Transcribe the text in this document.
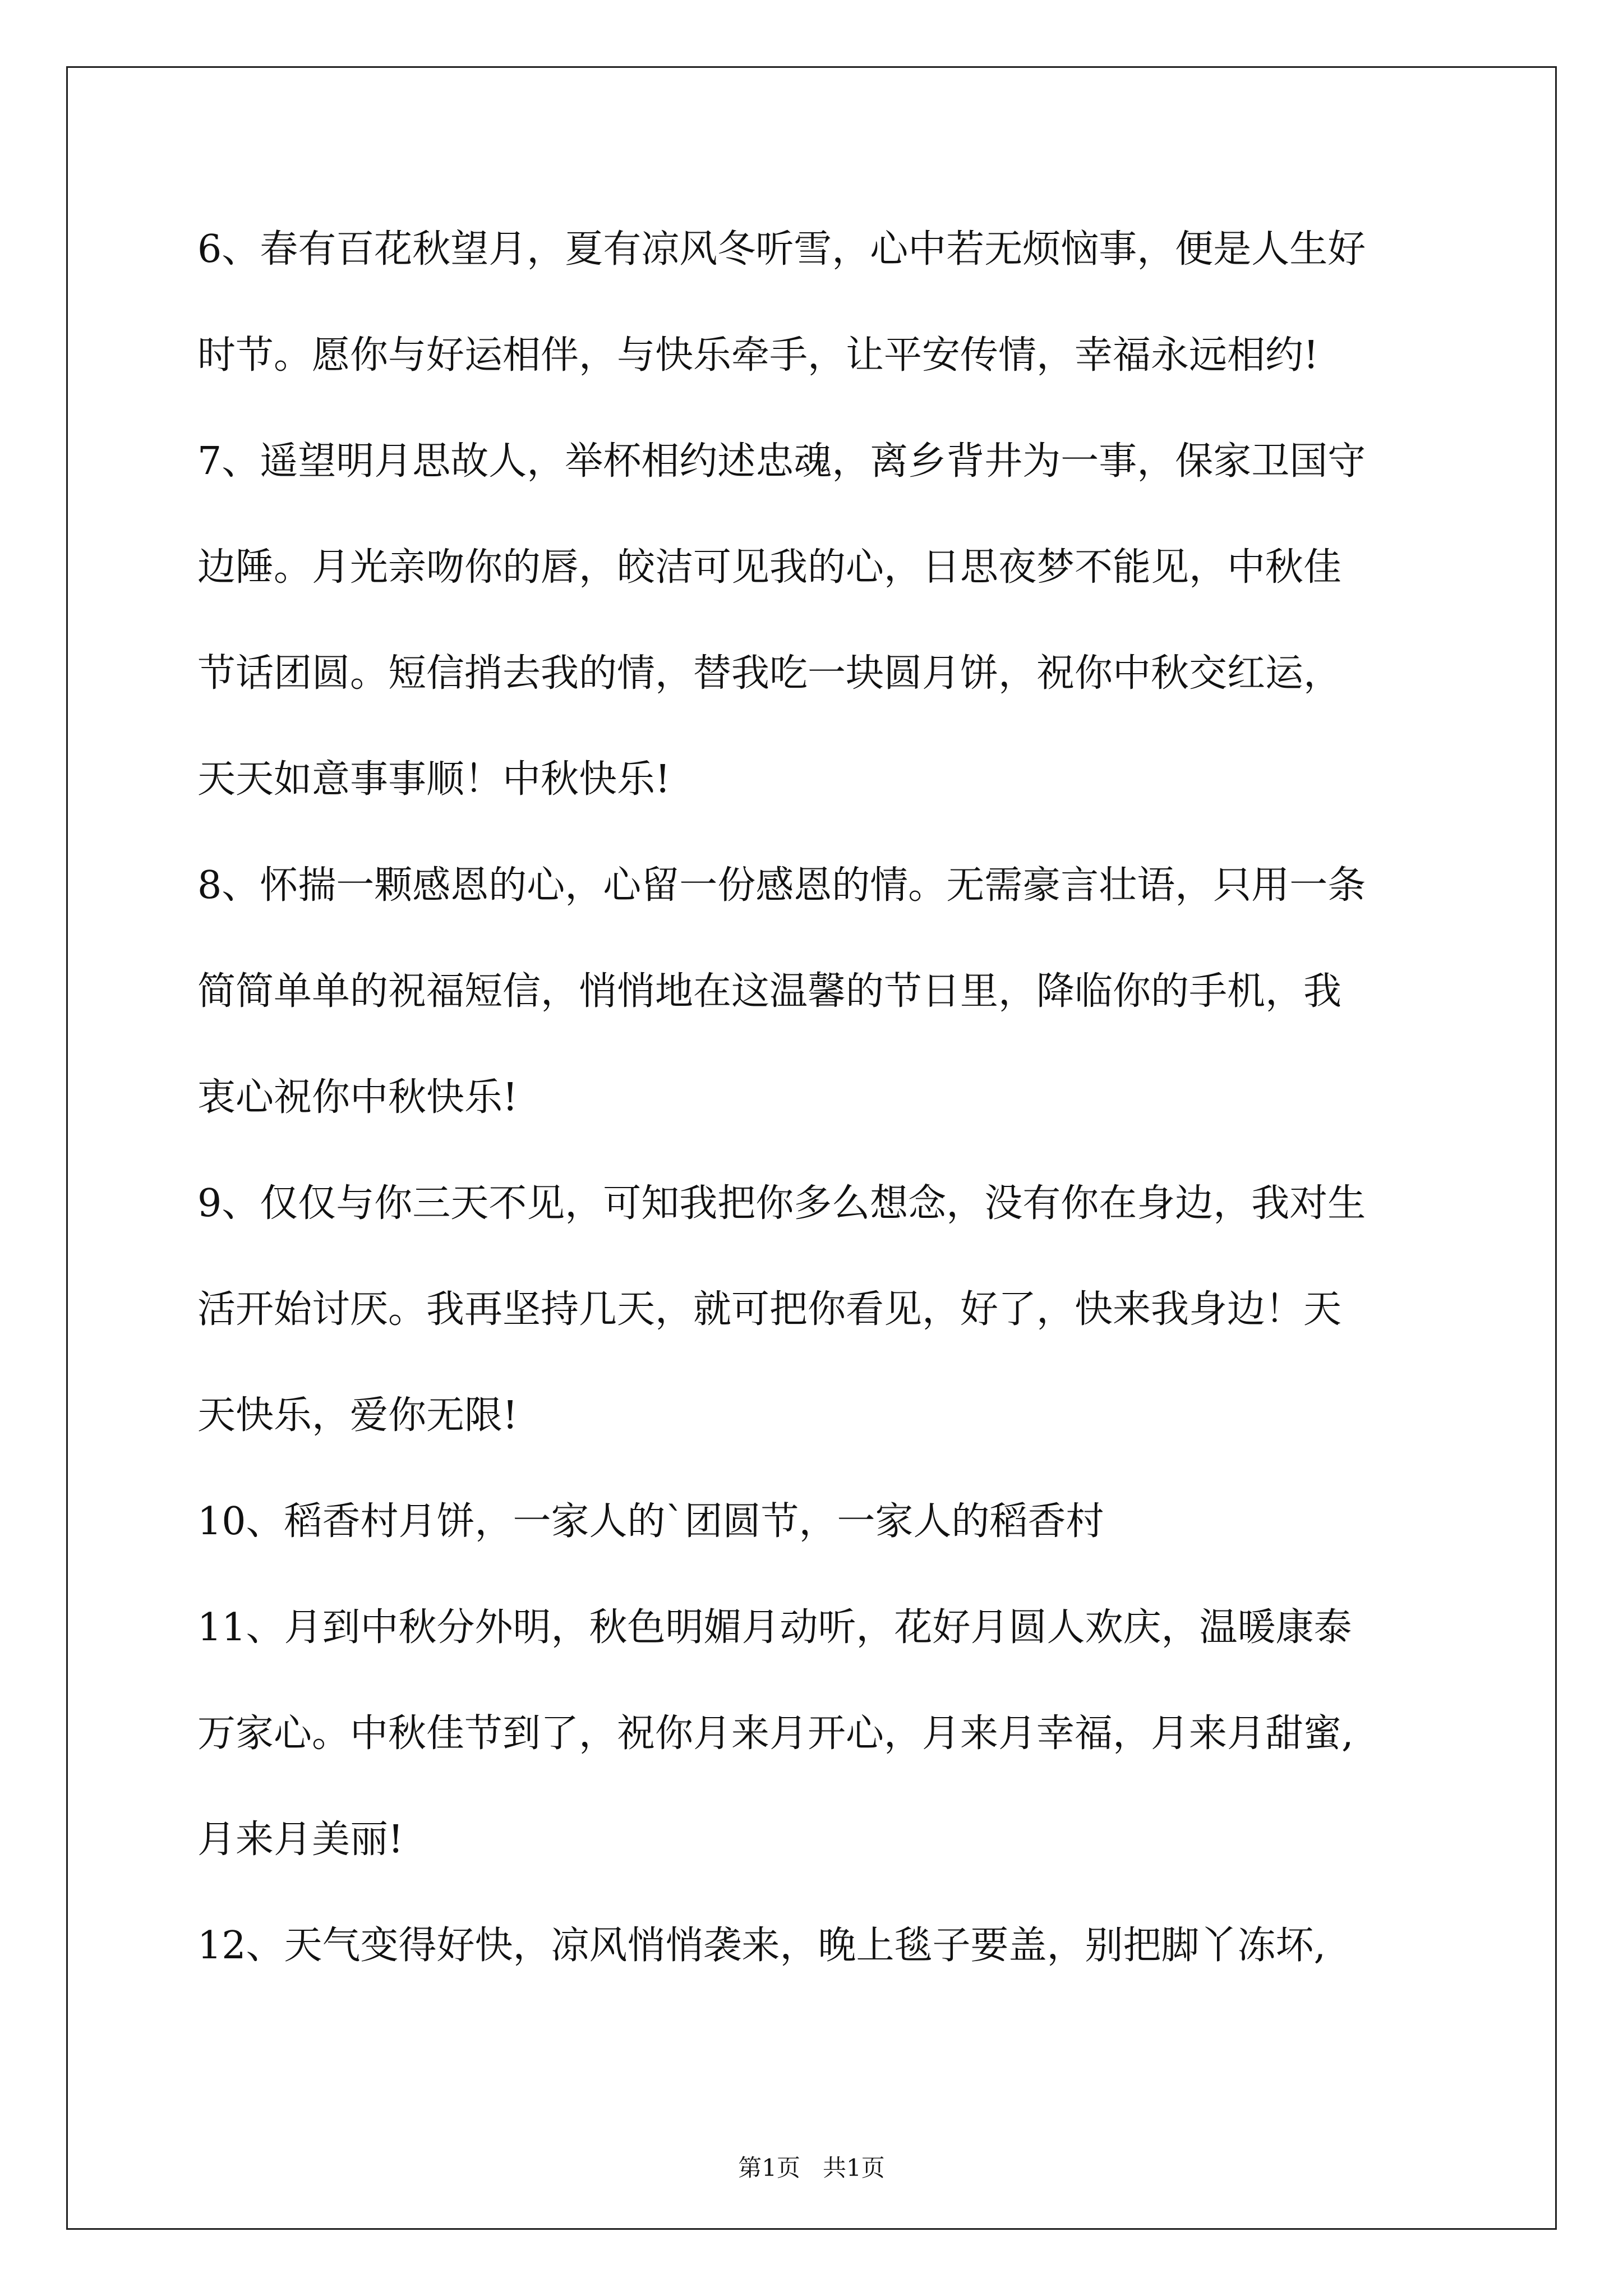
6、春有百花秋望月，夏有凉风冬听雪，心中若无烦恼事，便是人生好
时节。愿你与好运相伴，与快乐牵手，让平安传情，幸福永远相约!
7、遥望明月思故人，举杯相约述忠魂，离乡背井为一事，保家卫国守
边陲。月光亲吻你的唇，皎洁可见我的心，日思夜梦不能见，中秋佳
节话团圆。短信捎去我的情，替我吃一块圆月饼，祝你中秋交红运，
天天如意事事顺！中秋快乐!
8、怀揣一颗感恩的心，心留一份感恩的情。无需豪言壮语，只用一条
简简单单的祝福短信，悄悄地在这温馨的节日里，降临你的手机，我
衷心祝你中秋快乐!
9、仅仅与你三天不见，可知我把你多么想念，没有你在身边，我对生
活开始讨厌。我再坚持几天，就可把你看见，好了，快来我身边！天
天快乐，爱你无限!
10、稻香村月饼，一家人的`团圆节，一家人的稻香村
11、月到中秋分外明，秋色明媚月动听，花好月圆人欢庆，温暖康泰
万家心。中秋佳节到了，祝你月来月开心，月来月幸福，月来月甜蜜,
月来月美丽!
12、天气变得好快，凉风悄悄袭来，晚上毯子要盖，别把脚丫冻坏,
第1页   共1页
